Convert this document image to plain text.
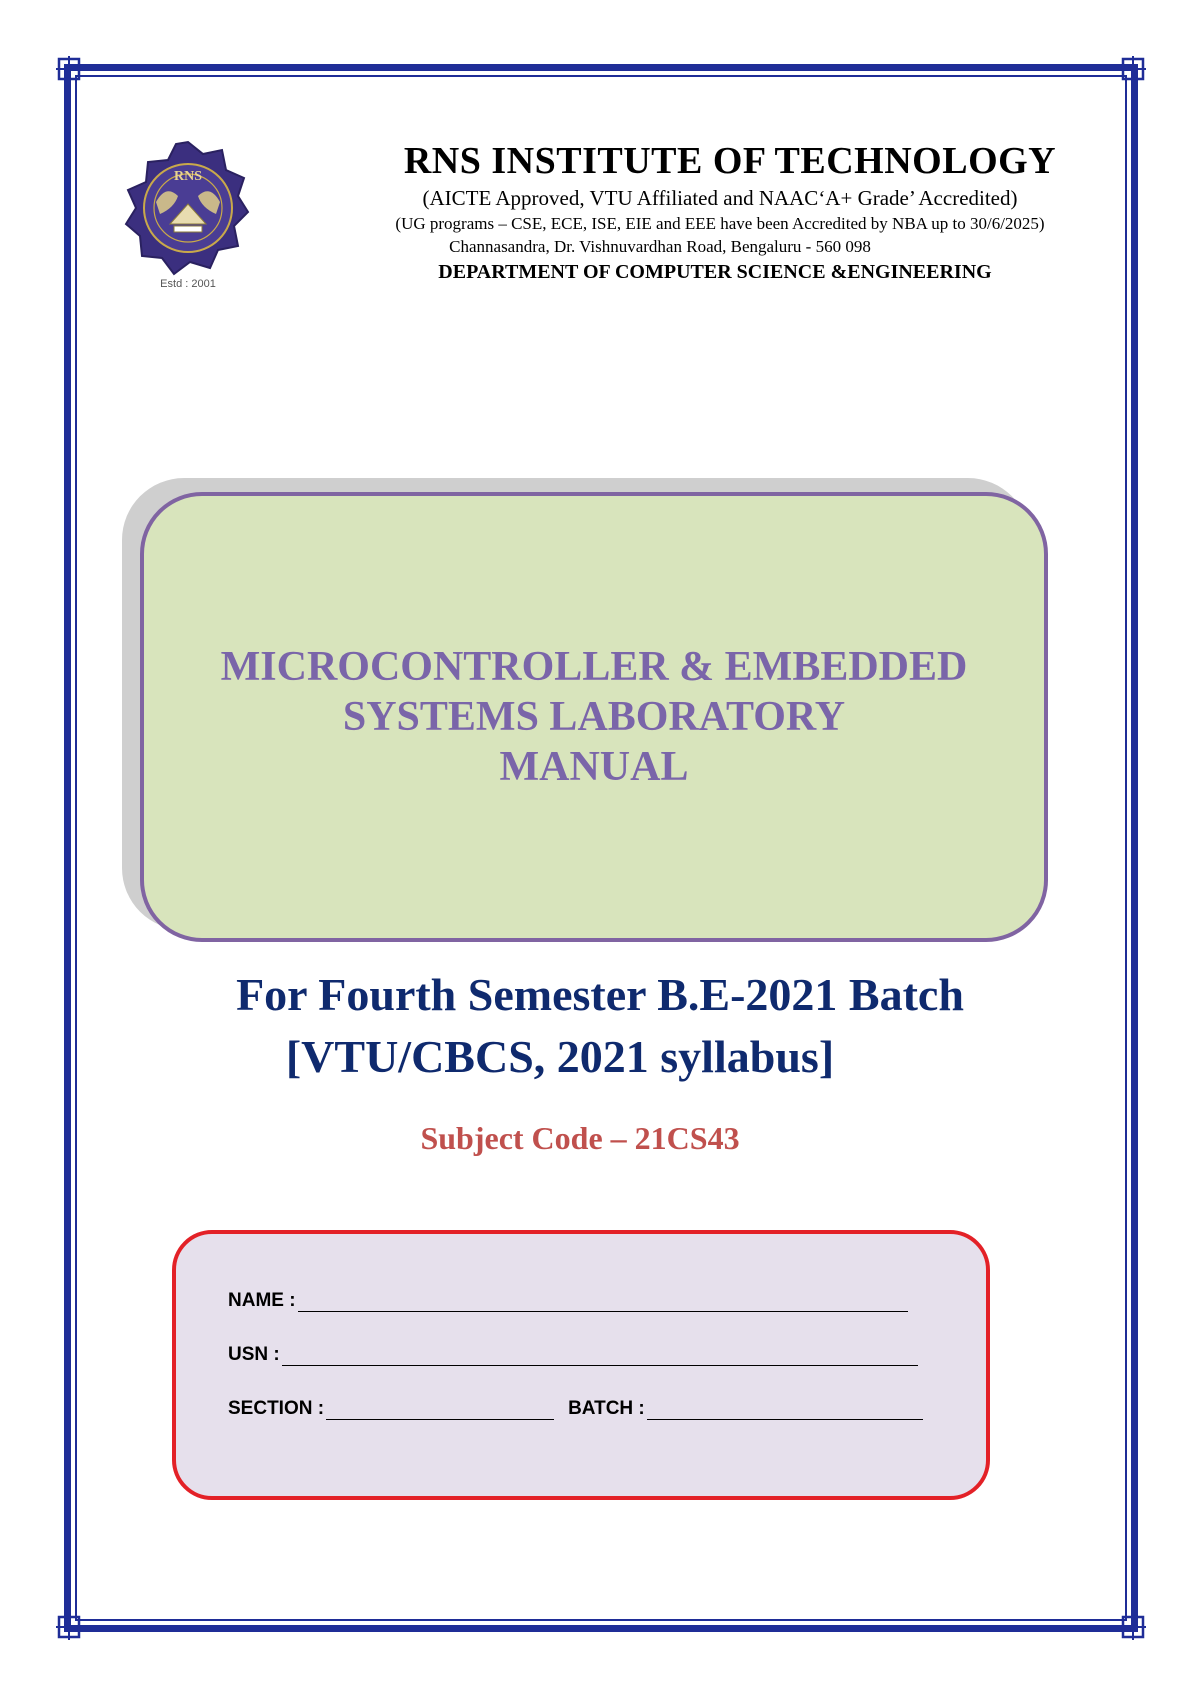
RNS
Estd : 2001
RNS INSTITUTE OF TECHNOLOGY
(AICTE Approved, VTU Affiliated and NAAC‘A+ Grade’ Accredited)
(UG programs – CSE, ECE, ISE, EIE and EEE have been Accredited by NBA up to 30/6/2025)
Channasandra, Dr. Vishnuvardhan Road, Bengaluru - 560 098
DEPARTMENT OF COMPUTER SCIENCE &ENGINEERING
MICROCONTROLLER & EMBEDDED
SYSTEMS LABORATORY
MANUAL
For Fourth Semester B.E-2021 Batch
[VTU/CBCS, 2021 syllabus]
Subject Code – 21CS43
NAME :
USN :
SECTION :	BATCH :
